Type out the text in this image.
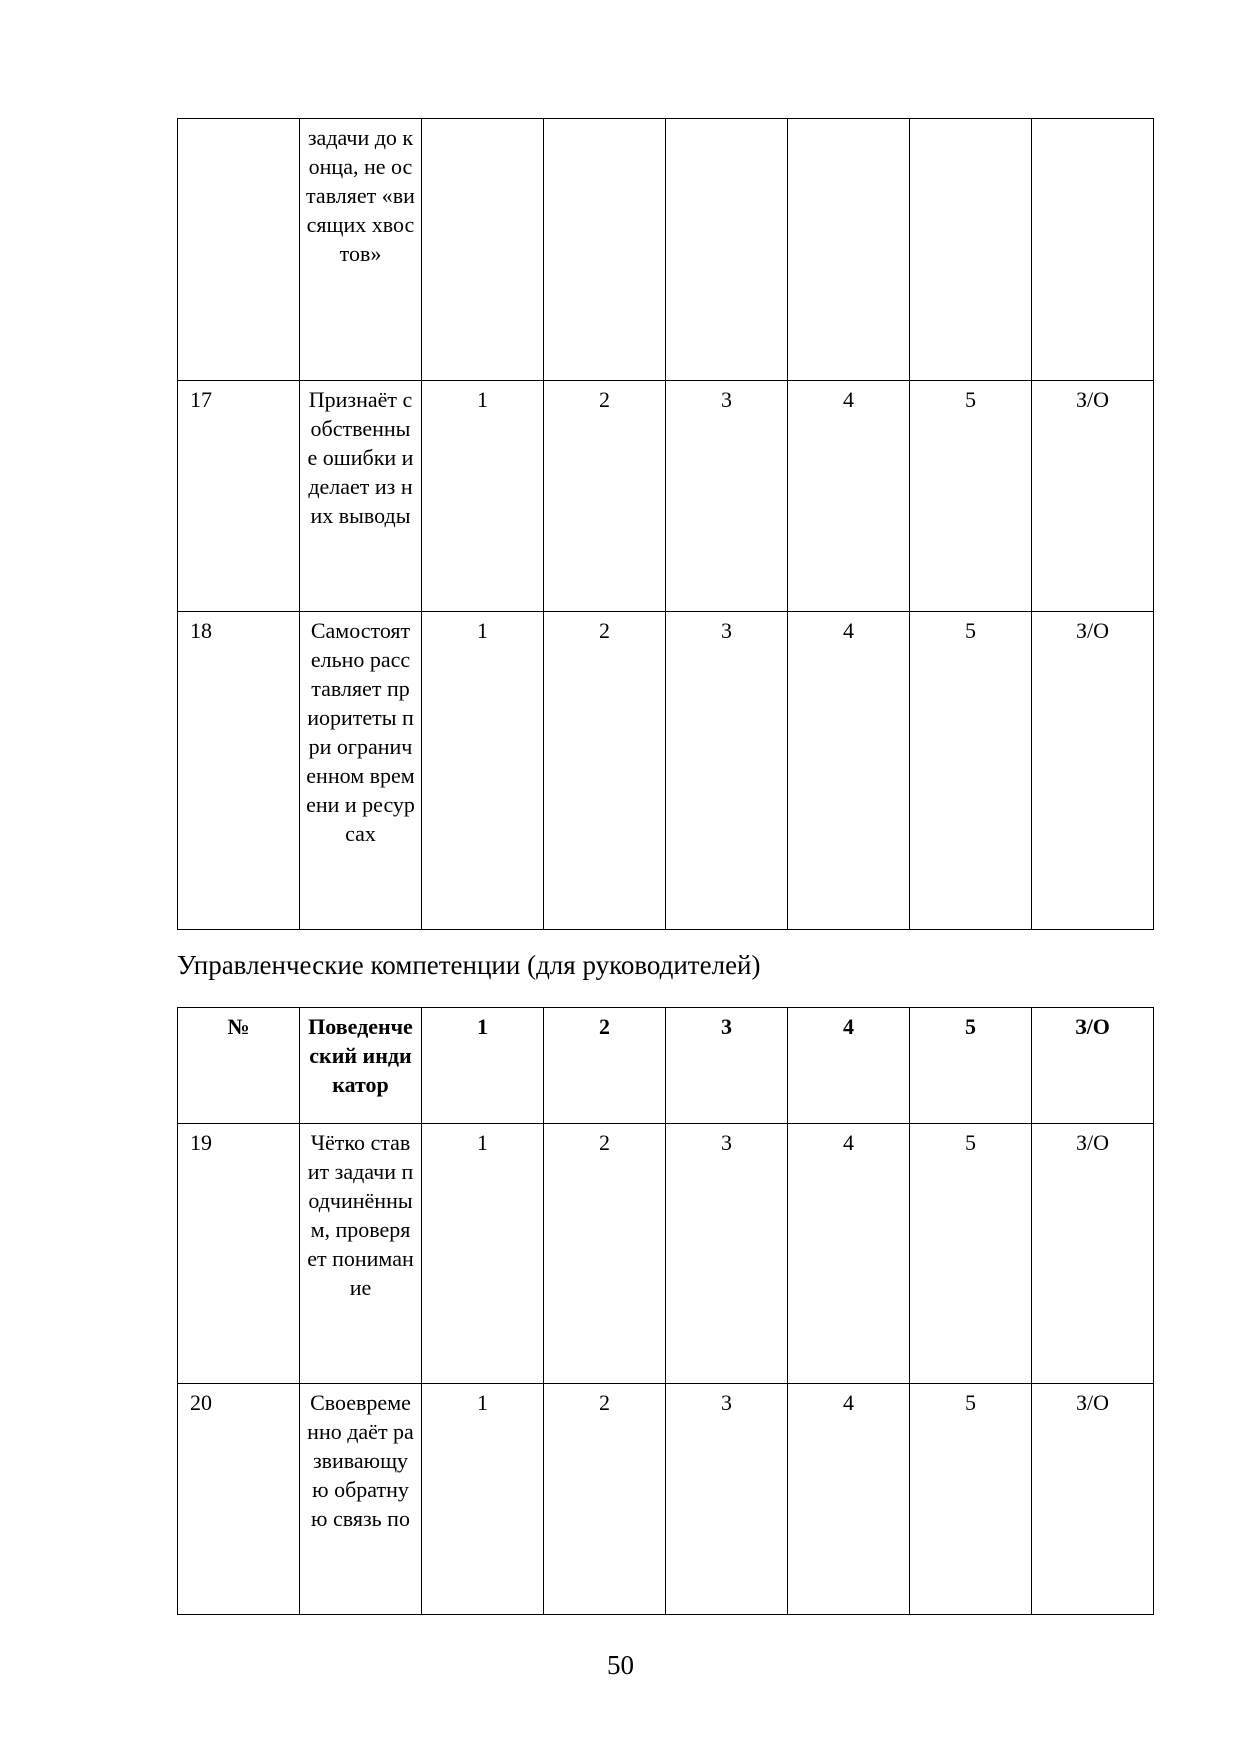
	задачи до конца, не оставляет «висящих хвостов»						
17	Признаёт собственные ошибки и делает из них выводы	1	2	3	4	5	З/О
18	Самостоятельно расставляет приоритеты при ограниченном времени и ресурсах	1	2	3	4	5	З/О
Управленческие компетенции (для руководителей)
№	Поведенческий индикатор	1	2	3	4	5	З/О
19	Чётко ставит задачи подчинённым, проверяет понимание	1	2	3	4	5	З/О
20	Своевременно даёт развивающую обратную связь по	1	2	3	4	5	З/О
50
